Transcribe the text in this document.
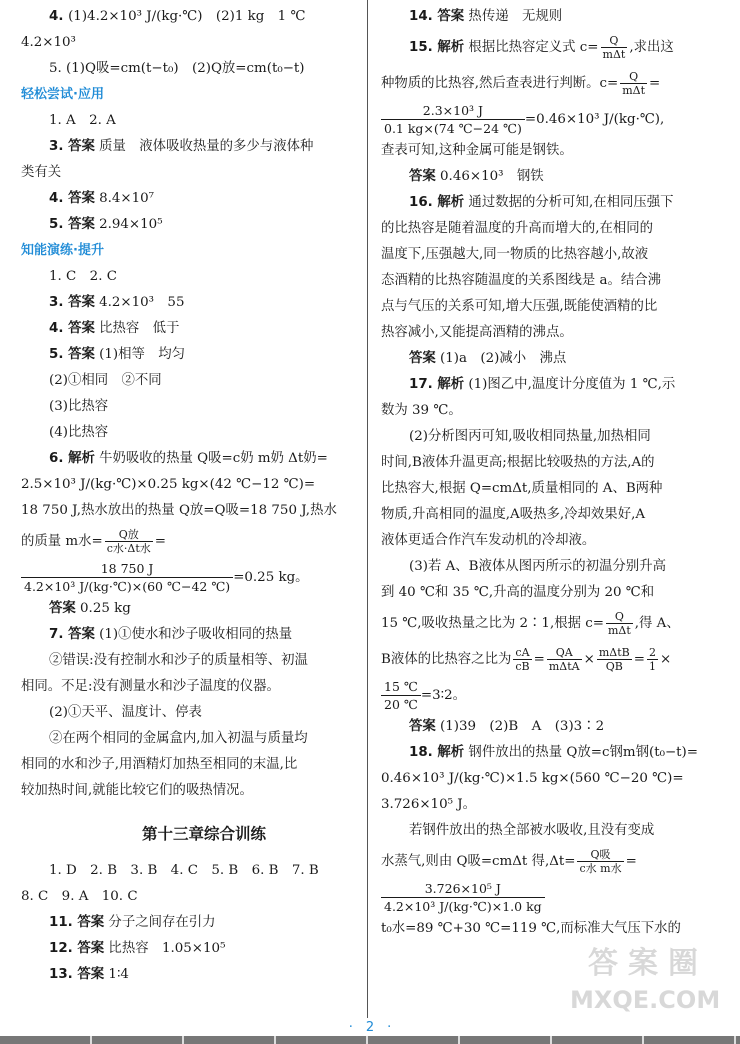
4. (1)4.2×10³ J/(kg·℃)　(2)1 kg　1 ℃

4.2×10³

5. (1)Q吸=cm(t−t₀)　(2)Q放=cm(t₀−t)

轻松尝试·应用

1. A　2. A

3. 答案 质量　液体吸收热量的多少与液体种

类有关

4. 答案 8.4×10⁷

5. 答案 2.94×10⁵

知能演练·提升

1. C　2. C

3. 答案 4.2×10³　55

4. 答案 比热容　低于

5. 答案 (1)相等　均匀

(2)①相同　②不同

(3)比热容

(4)比热容

6. 解析 牛奶吸收的热量 Q吸=c奶 m奶 Δt奶=

2.5×10³ J/(kg·℃)×0.25 kg×(42 ℃−12 ℃)=

18 750 J,热水放出的热量 Q放=Q吸=18 750 J,热水

的质量 m水= $\frac{\text{Q放}}{\text{c水·Δt水}}$ =

$\frac{18 750 J}{\text{4.2×10³ J/(kg·℃)×(60 ℃−42 ℃)}} =0.25$ kg。

答案 0.25 kg

7. 答案 (1)①使水和沙子吸收相同的热量

②错误:没有控制水和沙子的质量相等、初温

相同。不足:没有测量水和沙子温度的仪器。

(2)①天平、温度计、停表

②在两个相同的金属盒内,加入初温与质量均

相同的水和沙子,用酒精灯加热至相同的末温,比

较加热时间,就能比较它们的吸热情况。

第十三章综合训练

1. D　2. B　3. B　4. C　5. B　6. B　7. B

8. C　9. A　10. C

11. 答案 分子之间存在引力

12. 答案 比热容　1.05×10⁵

13. 答案 1∶4

14. 答案 热传递　无规则

15. 解析 根据比热容定义式 $c= \frac{Q}{\text{mΔt}}$ ,求出这

种物质的比热容,然后查表进行判断。$c= \frac{Q}{\text{mΔt}}$ =

$\frac{\text{2.3×10³ J}}{0.1 kg\times(74 ℃-24 ℃)} =0.46\times 10^3$ J/(kg·℃),

查表可知,这种金属可能是钢铁。

答案 0.46×10³　钢铁

16. 解析 通过数据的分析可知,在相同压强下

的比热容是随着温度的升高而增大的,在相同的

温度下,压强越大,同一物质的比热容越小,故液

态酒精的比热容随温度的关系图线是 a。结合沸

点与气压的关系可知,增大压强,既能使酒精的比

热容减小,又能提高酒精的沸点。

答案 (1)a　(2)减小　沸点

17. 解析 (1)图乙中,温度计分度值为 1 ℃,示

数为 39 ℃。

(2)分析图丙可知,吸收相同热量,加热相同

时间,B液体升温更高;根据比较吸热的方法,A的

比热容大,根据 Q=cmΔt,质量相同的 A、B两种

物质,升高相同的温度,A吸热多,冷却效果好,A

液体更适合作汽车发动机的冷却液。

(3)若 A、B液体从图丙所示的初温分别升高

到 40 ℃和 35 ℃,升高的温度分别为 20 ℃和

15 ℃,吸收热量之比为 2∶1,根据 $c= \frac{Q}{\text{mΔt}}$ ,得 A、

B液体的比热容之比为 $\frac{cA}{cB} = \frac{QA}{\text{mΔtA}} \times \frac{\text{mΔtB}}{QB} = \frac{2}{1}$ ×

$\frac{15 ℃}{20 ℃}$ =3∶2。

答案 (1)39　(2)B　A　(3)3∶2

18. 解析 钢件放出的热量 Q放=c钢m钢(t₀−t)=

0.46×10³ J/(kg·℃)×1.5 kg×(560 ℃−20 ℃)=

3.726×10⁵ J。

若钢件放出的热全部被水吸收,且没有变成

水蒸气,则由 Q吸=cmΔt 得$,\Delta t= \frac{\text{Q吸}}{\text{c水 m水}}$ =

$\frac{\text{3.726×10⁵ J}}{\text{4.2×10³ J/(kg·℃)×1.0 kg}}$

t₀水=89 ℃+30 ℃=119 ℃,而标准大气压下水的

·　2　·
答 案 圈
MXQE.COM
